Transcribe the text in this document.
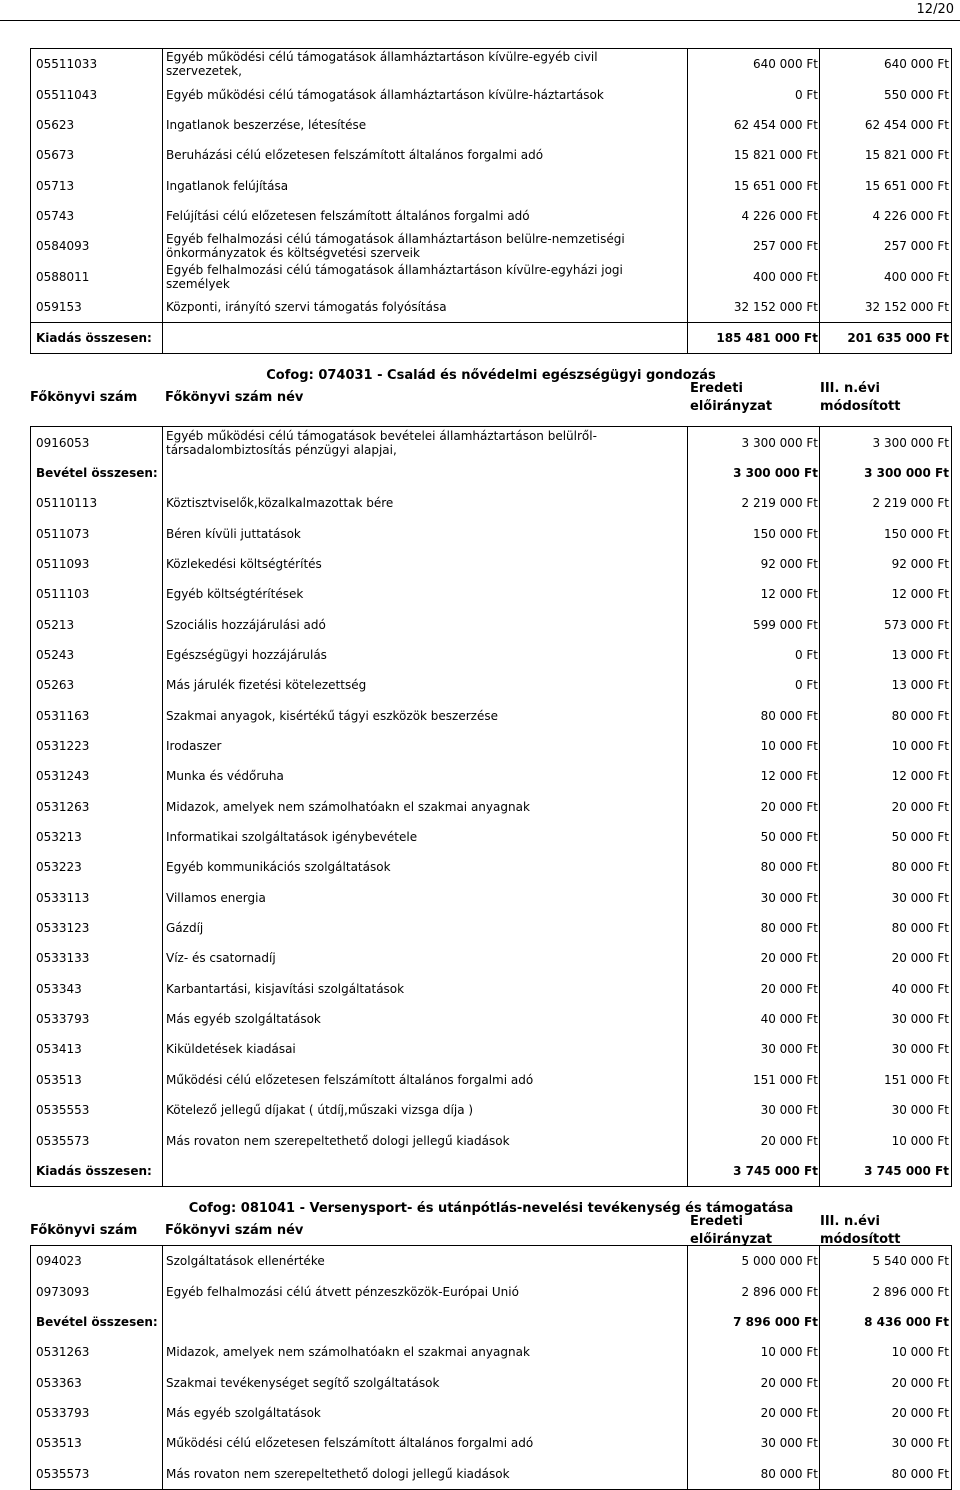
12/20
05511033	Egyéb működési célú támogatások államháztartáson kívülre-egyéb civil
szervezetek,	640 000 Ft	640 000 Ft
05511043	Egyéb működési célú támogatások államháztartáson kívülre-háztartások	0 Ft	550 000 Ft
05623	Ingatlanok beszerzése, létesítése	62 454 000 Ft	62 454 000 Ft
05673	Beruházási célú előzetesen felszámított általános forgalmi adó	15 821 000 Ft	15 821 000 Ft
05713	Ingatlanok felújítása	15 651 000 Ft	15 651 000 Ft
05743	Felújítási célú előzetesen felszámított általános forgalmi adó	4 226 000 Ft	4 226 000 Ft
0584093	Egyéb felhalmozási célú támogatások államháztartáson belülre-nemzetiségi
önkormányzatok és költségvetési szerveik	257 000 Ft	257 000 Ft
0588011	Egyéb felhalmozási célú támogatások államháztartáson kívülre-egyházi jogi
személyek	400 000 Ft	400 000 Ft
059153	Központi, irányító szervi támogatás folyósítása	32 152 000 Ft	32 152 000 Ft
Kiadás összesen:	185 481 000 Ft	201 635 000 Ft
Cofog: 074031 - Család és nővédelmi egészségügyi gondozás
Főkönyvi szám Főkönyvi szám név
Eredeti
előirányzat
III. n.évi
módosított
0916053	Egyéb működési célú támogatások bevételei államháztartáson belülről-
társadalombiztosítás pénzügyi alapjai,	3 300 000 Ft	3 300 000 Ft
Bevétel összesen:	3 300 000 Ft	3 300 000 Ft
05110113	Köztisztviselők,közalkalmazottak bére	2 219 000 Ft	2 219 000 Ft
0511073	Béren kívüli juttatások	150 000 Ft	150 000 Ft
0511093	Közlekedési költségtérítés	92 000 Ft	92 000 Ft
0511103	Egyéb költségtérítések	12 000 Ft	12 000 Ft
05213	Szociális hozzájárulási adó	599 000 Ft	573 000 Ft
05243	Egészségügyi hozzájárulás	0 Ft	13 000 Ft
05263	Más járulék fizetési kötelezettség	0 Ft	13 000 Ft
0531163	Szakmai anyagok, kisértékű tágyi eszközök beszerzése	80 000 Ft	80 000 Ft
0531223	Irodaszer	10 000 Ft	10 000 Ft
0531243	Munka és védőruha	12 000 Ft	12 000 Ft
0531263	Midazok, amelyek nem számolhatóakn el szakmai anyagnak	20 000 Ft	20 000 Ft
053213	Informatikai szolgáltatások igénybevétele	50 000 Ft	50 000 Ft
053223	Egyéb kommunikációs szolgáltatások	80 000 Ft	80 000 Ft
0533113	Villamos energia	30 000 Ft	30 000 Ft
0533123	Gázdíj	80 000 Ft	80 000 Ft
0533133	Víz- és csatornadíj	20 000 Ft	20 000 Ft
053343	Karbantartási, kisjavítási szolgáltatások	20 000 Ft	40 000 Ft
0533793	Más egyéb szolgáltatások	40 000 Ft	30 000 Ft
053413	Kiküldetések kiadásai	30 000 Ft	30 000 Ft
053513	Működési célú előzetesen felszámított általános forgalmi adó	151 000 Ft	151 000 Ft
0535553	Kötelező jellegű díjakat ( útdíj,műszaki vizsga díja )	30 000 Ft	30 000 Ft
0535573	Más rovaton nem szerepeltethető dologi jellegű kiadások	20 000 Ft	10 000 Ft
Kiadás összesen:	3 745 000 Ft	3 745 000 Ft
Cofog: 081041 - Versenysport- és utánpótlás-nevelési tevékenység és támogatása
Főkönyvi szám Főkönyvi szám név
Eredeti
előirányzat
III. n.évi
módosított
094023	Szolgáltatások ellenértéke	5 000 000 Ft	5 540 000 Ft
0973093	Egyéb felhalmozási célú átvett pénzeszközök-Európai Unió	2 896 000 Ft	2 896 000 Ft
Bevétel összesen:	7 896 000 Ft	8 436 000 Ft
0531263	Midazok, amelyek nem számolhatóakn el szakmai anyagnak	10 000 Ft	10 000 Ft
053363	Szakmai tevékenységet segítő szolgáltatások	20 000 Ft	20 000 Ft
0533793	Más egyéb szolgáltatások	20 000 Ft	20 000 Ft
053513	Működési célú előzetesen felszámított általános forgalmi adó	30 000 Ft	30 000 Ft
0535573	Más rovaton nem szerepeltethető dologi jellegű kiadások	80 000 Ft	80 000 Ft
